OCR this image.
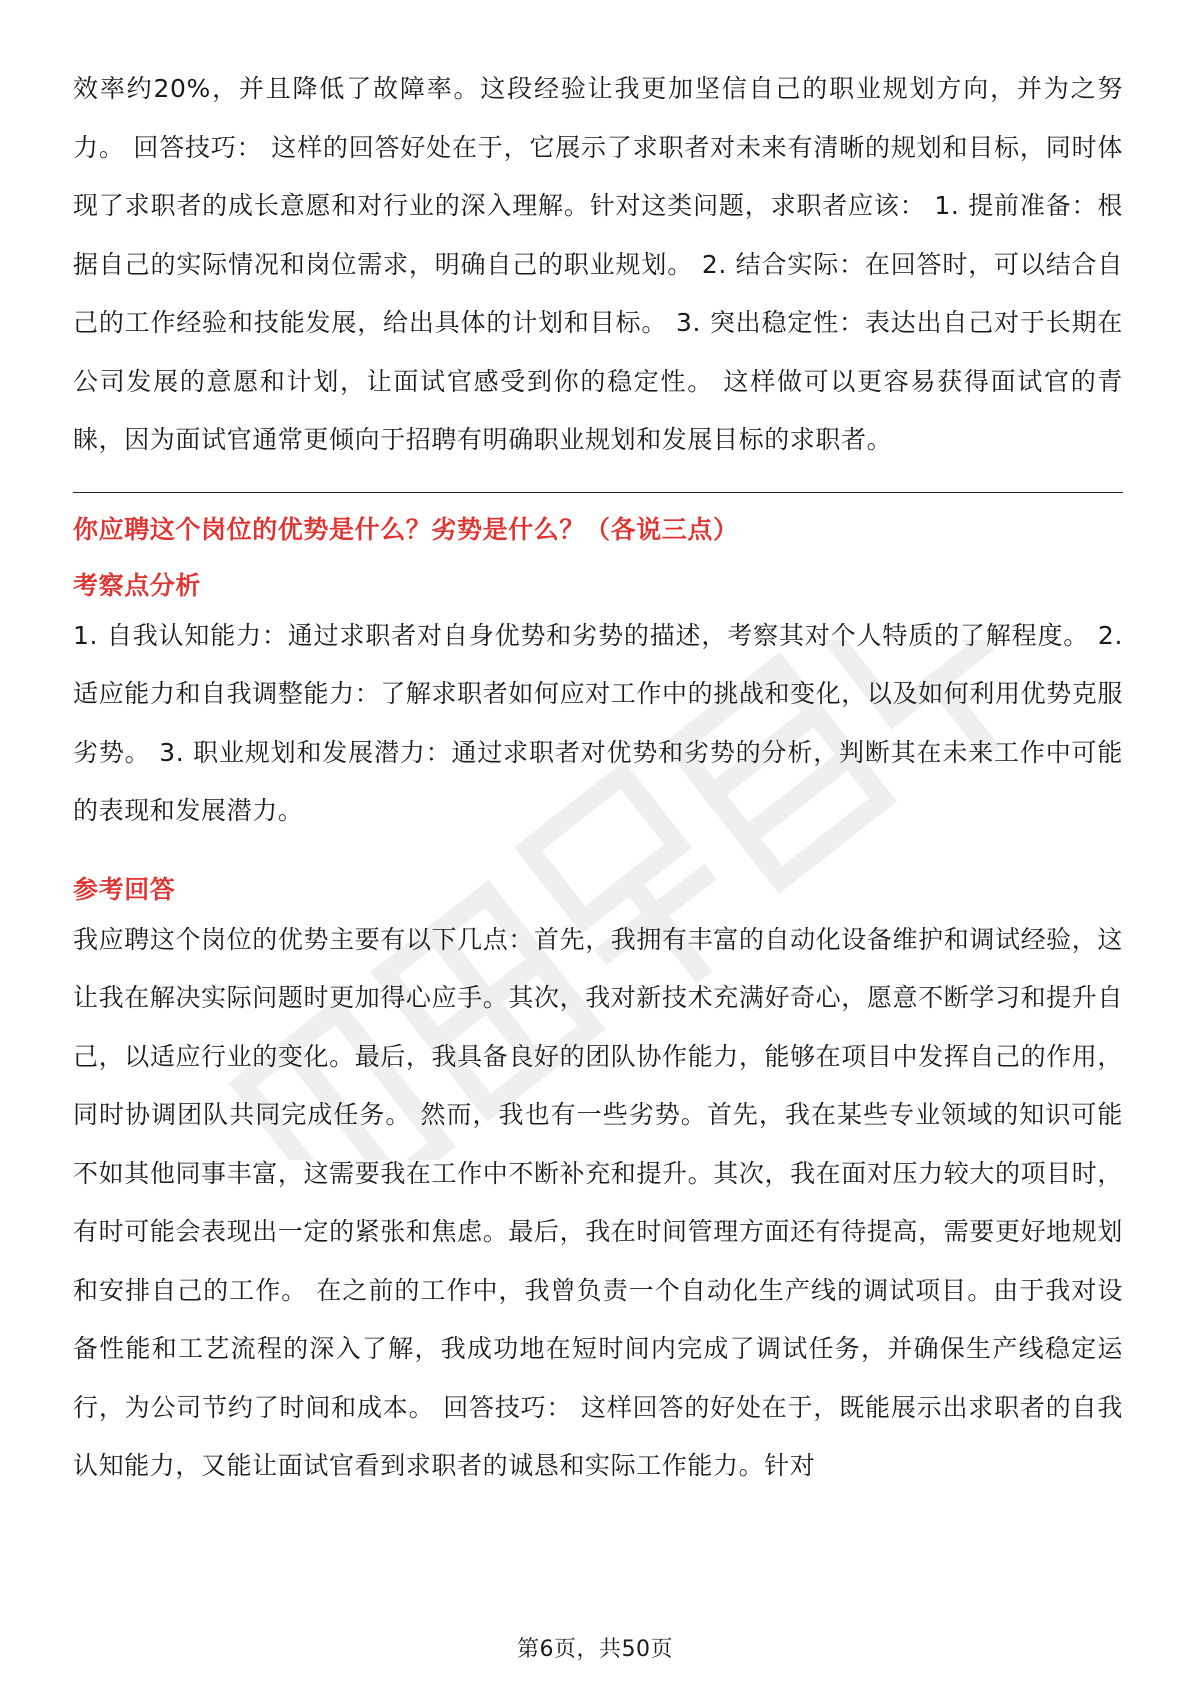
效率约20%，并且降低了故障率。这段经验让我更加坚信自己的职业规划方向，并为之努力。 回答技巧： 这样的回答好处在于，它展示了求职者对未来有清晰的规划和目标，同时体现了求职者的成长意愿和对行业的深入理解。针对这类问题，求职者应该： 1. 提前准备：根据自己的实际情况和岗位需求，明确自己的职业规划。 2. 结合实际：在回答时，可以结合自己的工作经验和技能发展，给出具体的计划和目标。 3. 突出稳定性：表达出自己对于长期在公司发展的意愿和计划，让面试官感受到你的稳定性。 这样做可以更容易获得面试官的青睐，因为面试官通常更倾向于招聘有明确职业规划和发展目标的求职者。

你应聘这个岗位的优势是什么？劣势是什么？（各说三点）

考察点分析

1. 自我认知能力：通过求职者对自身优势和劣势的描述，考察其对个人特质的了解程度。 2. 适应能力和自我调整能力：了解求职者如何应对工作中的挑战和变化，以及如何利用优势克服劣势。 3. 职业规划和发展潜力：通过求职者对优势和劣势的分析，判断其在未来工作中可能的表现和发展潜力。

参考回答

我应聘这个岗位的优势主要有以下几点：首先，我拥有丰富的自动化设备维护和调试经验，这让我在解决实际问题时更加得心应手。其次，我对新技术充满好奇心，愿意不断学习和提升自己，以适应行业的变化。最后，我具备良好的团队协作能力，能够在项目中发挥自己的作用，同时协调团队共同完成任务。 然而，我也有一些劣势。首先，我在某些专业领域的知识可能不如其他同事丰富，这需要我在工作中不断补充和提升。其次，我在面对压力较大的项目时，有时可能会表现出一定的紧张和焦虑。最后，我在时间管理方面还有待提高，需要更好地规划和安排自己的工作。 在之前的工作中，我曾负责一个自动化生产线的调试项目。由于我对设备性能和工艺流程的深入了解，我成功地在短时间内完成了调试任务，并确保生产线稳定运行，为公司节约了时间和成本。 回答技巧： 这样回答的好处在于，既能展示出求职者的自我认知能力，又能让面试官看到求职者的诚恳和实际工作能力。针对

第6页，共50页
